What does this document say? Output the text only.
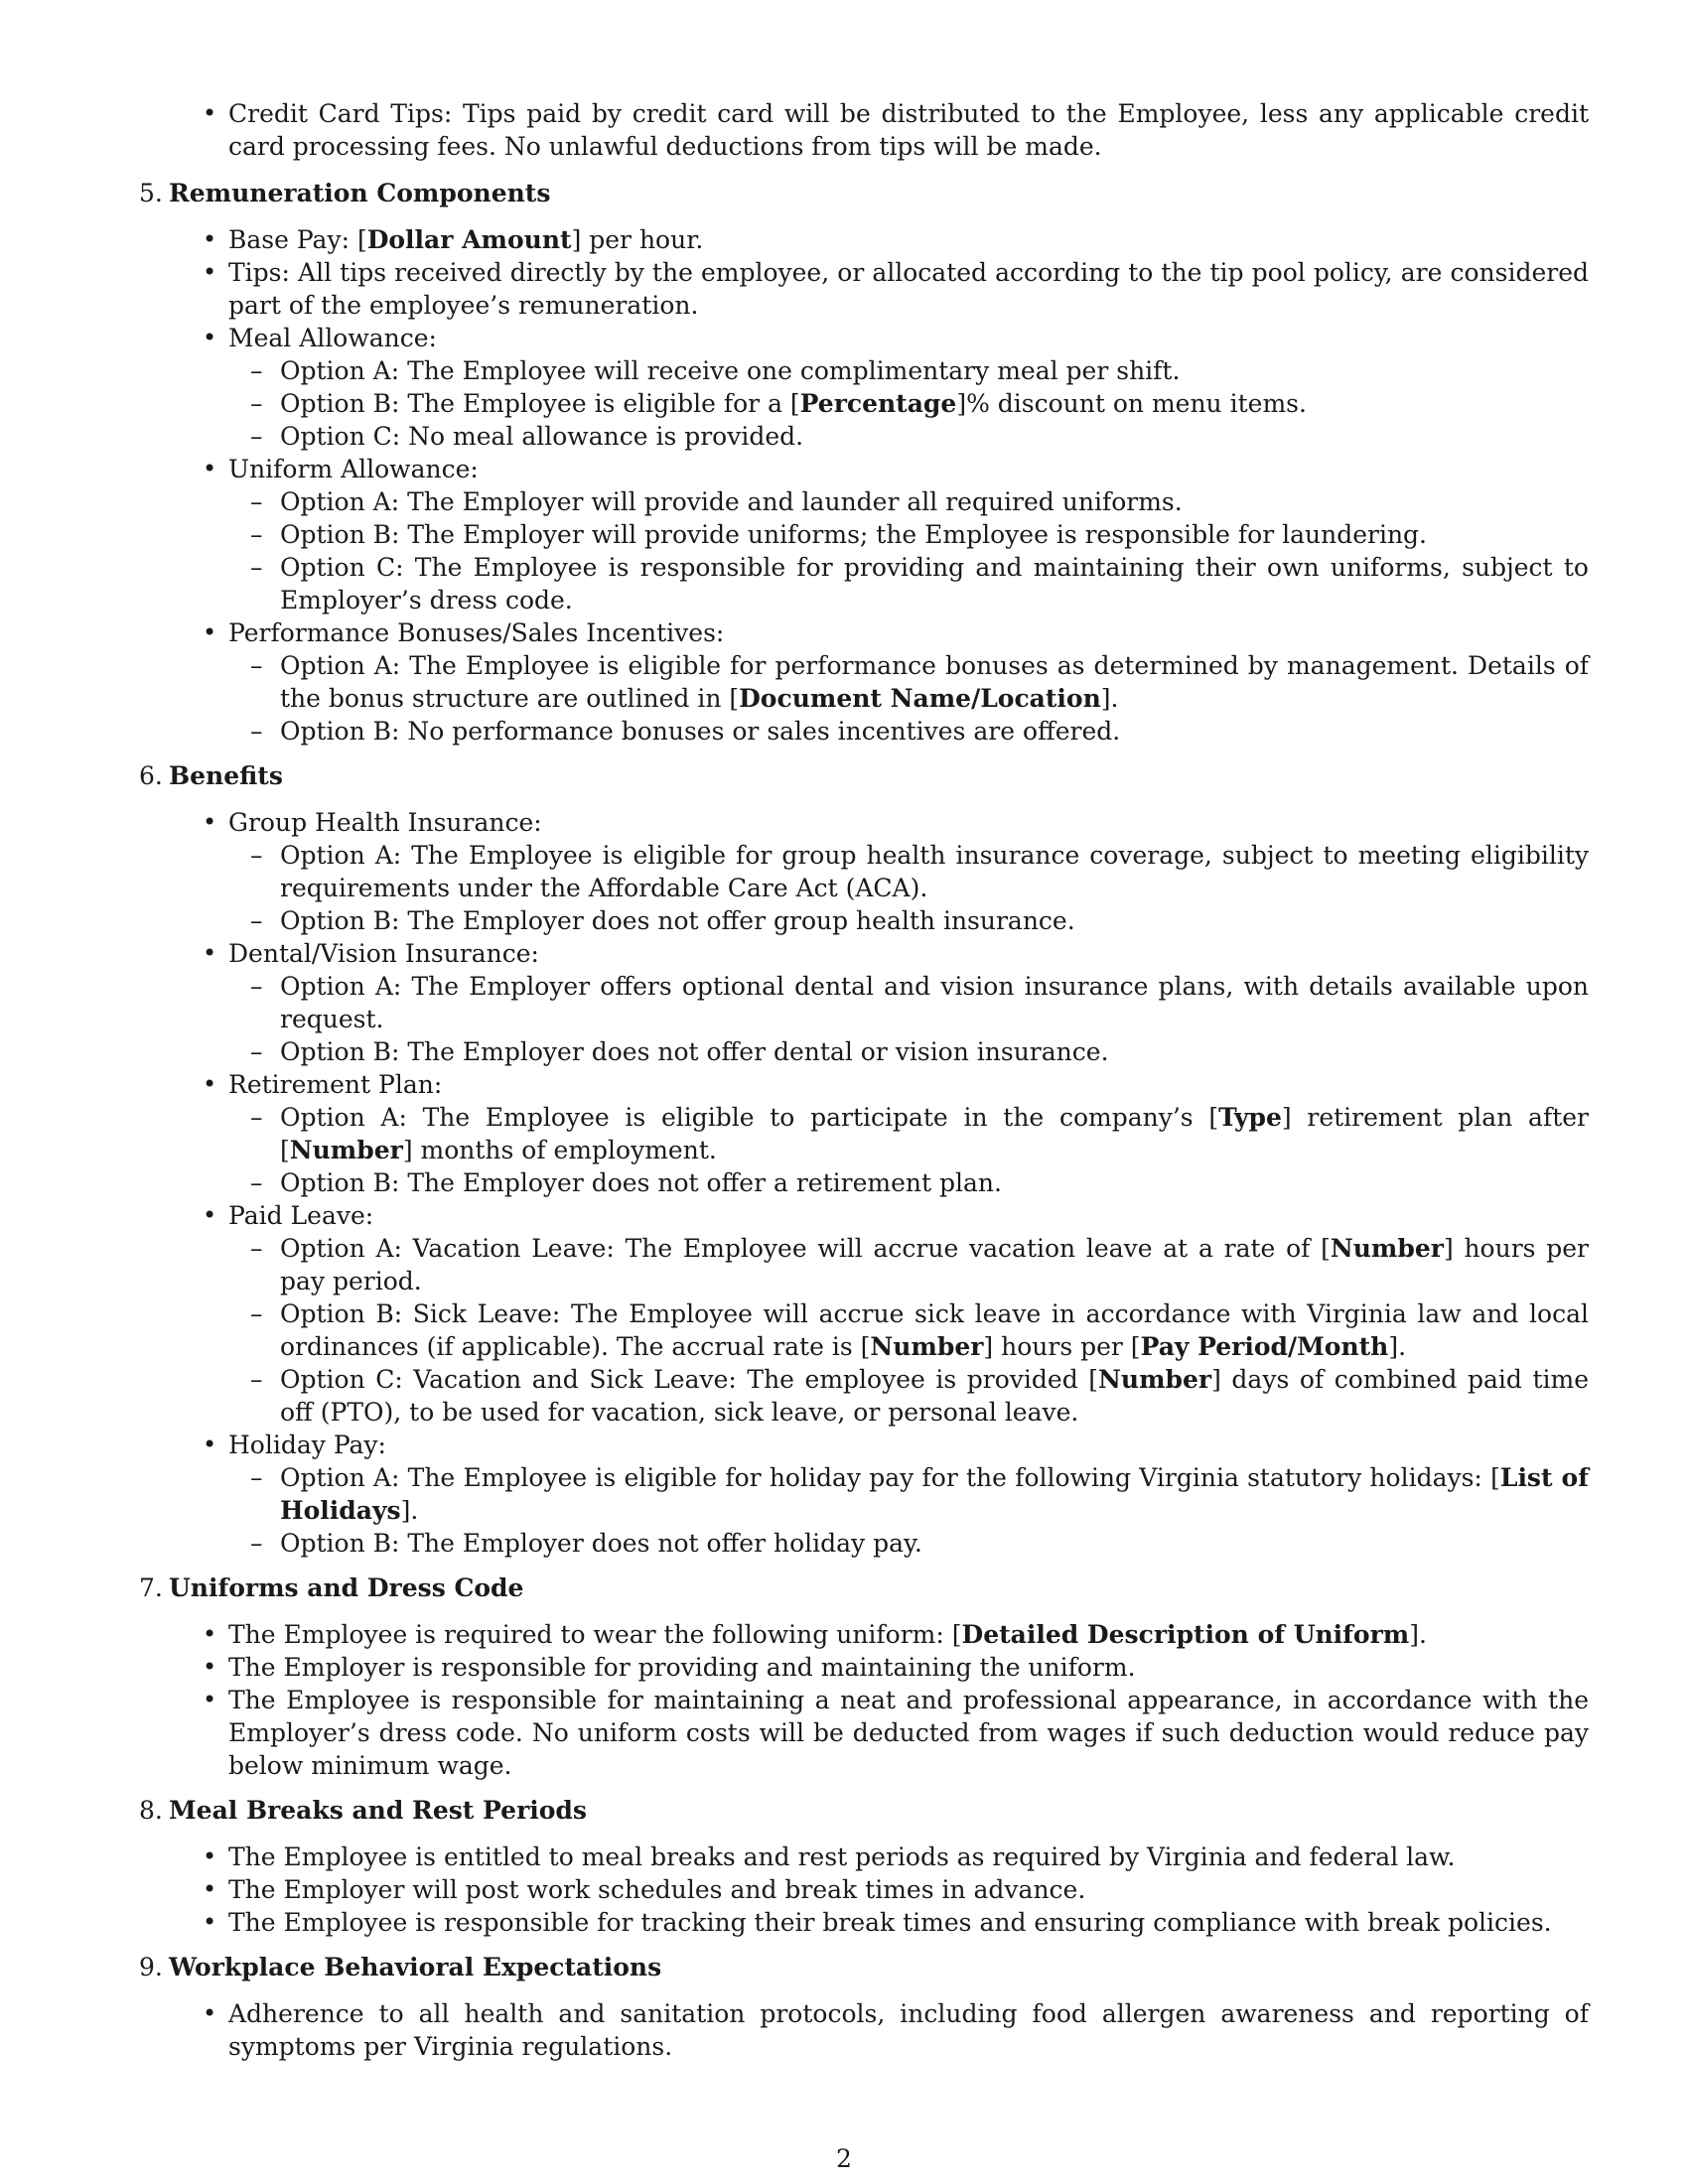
• Credit Card Tips: Tips paid by credit card will be distributed to the Employee, less any applicable credit card processing fees. No unlawful deductions from tips will be made.
5. Remuneration Components
• Base Pay: [Dollar Amount] per hour.
• Tips: All tips received directly by the employee, or allocated according to the tip pool policy, are considered part of the employee’s remuneration.
• Meal Allowance:
– Option A: The Employee will receive one complimentary meal per shift.
– Option B: The Employee is eligible for a [Percentage]% discount on menu items.
– Option C: No meal allowance is provided.
• Uniform Allowance:
– Option A: The Employer will provide and launder all required uniforms.
– Option B: The Employer will provide uniforms; the Employee is responsible for laundering.
– Option C: The Employee is responsible for providing and maintaining their own uniforms, subject to Employer’s dress code.
• Performance Bonuses/Sales Incentives:
– Option A: The Employee is eligible for performance bonuses as determined by management. Details of the bonus structure are outlined in [Document Name/Location].
– Option B: No performance bonuses or sales incentives are offered.
6. Benefits
• Group Health Insurance:
– Option A: The Employee is eligible for group health insurance coverage, subject to meeting eligibility requirements under the Affordable Care Act (ACA).
– Option B: The Employer does not offer group health insurance.
• Dental/Vision Insurance:
– Option A: The Employer offers optional dental and vision insurance plans, with details available upon request.
– Option B: The Employer does not offer dental or vision insurance.
• Retirement Plan:
– Option A: The Employee is eligible to participate in the company’s [Type] retirement plan after [Number] months of employment.
– Option B: The Employer does not offer a retirement plan.
• Paid Leave:
– Option A: Vacation Leave: The Employee will accrue vacation leave at a rate of [Number] hours per pay period.
– Option B: Sick Leave: The Employee will accrue sick leave in accordance with Virginia law and local ordinances (if applicable). The accrual rate is [Number] hours per [Pay Period/Month].
– Option C: Vacation and Sick Leave: The employee is provided [Number] days of combined paid time off (PTO), to be used for vacation, sick leave, or personal leave.
• Holiday Pay:
– Option A: The Employee is eligible for holiday pay for the following Virginia statutory holidays: [List of Holidays].
– Option B: The Employer does not offer holiday pay.
7. Uniforms and Dress Code
• The Employee is required to wear the following uniform: [Detailed Description of Uniform].
• The Employer is responsible for providing and maintaining the uniform.
• The Employee is responsible for maintaining a neat and professional appearance, in accordance with the Employer’s dress code. No uniform costs will be deducted from wages if such deduction would reduce pay below minimum wage.
8. Meal Breaks and Rest Periods
• The Employee is entitled to meal breaks and rest periods as required by Virginia and federal law.
• The Employer will post work schedules and break times in advance.
• The Employee is responsible for tracking their break times and ensuring compliance with break policies.
9. Workplace Behavioral Expectations
• Adherence to all health and sanitation protocols, including food allergen awareness and reporting of symptoms per Virginia regulations.
2
